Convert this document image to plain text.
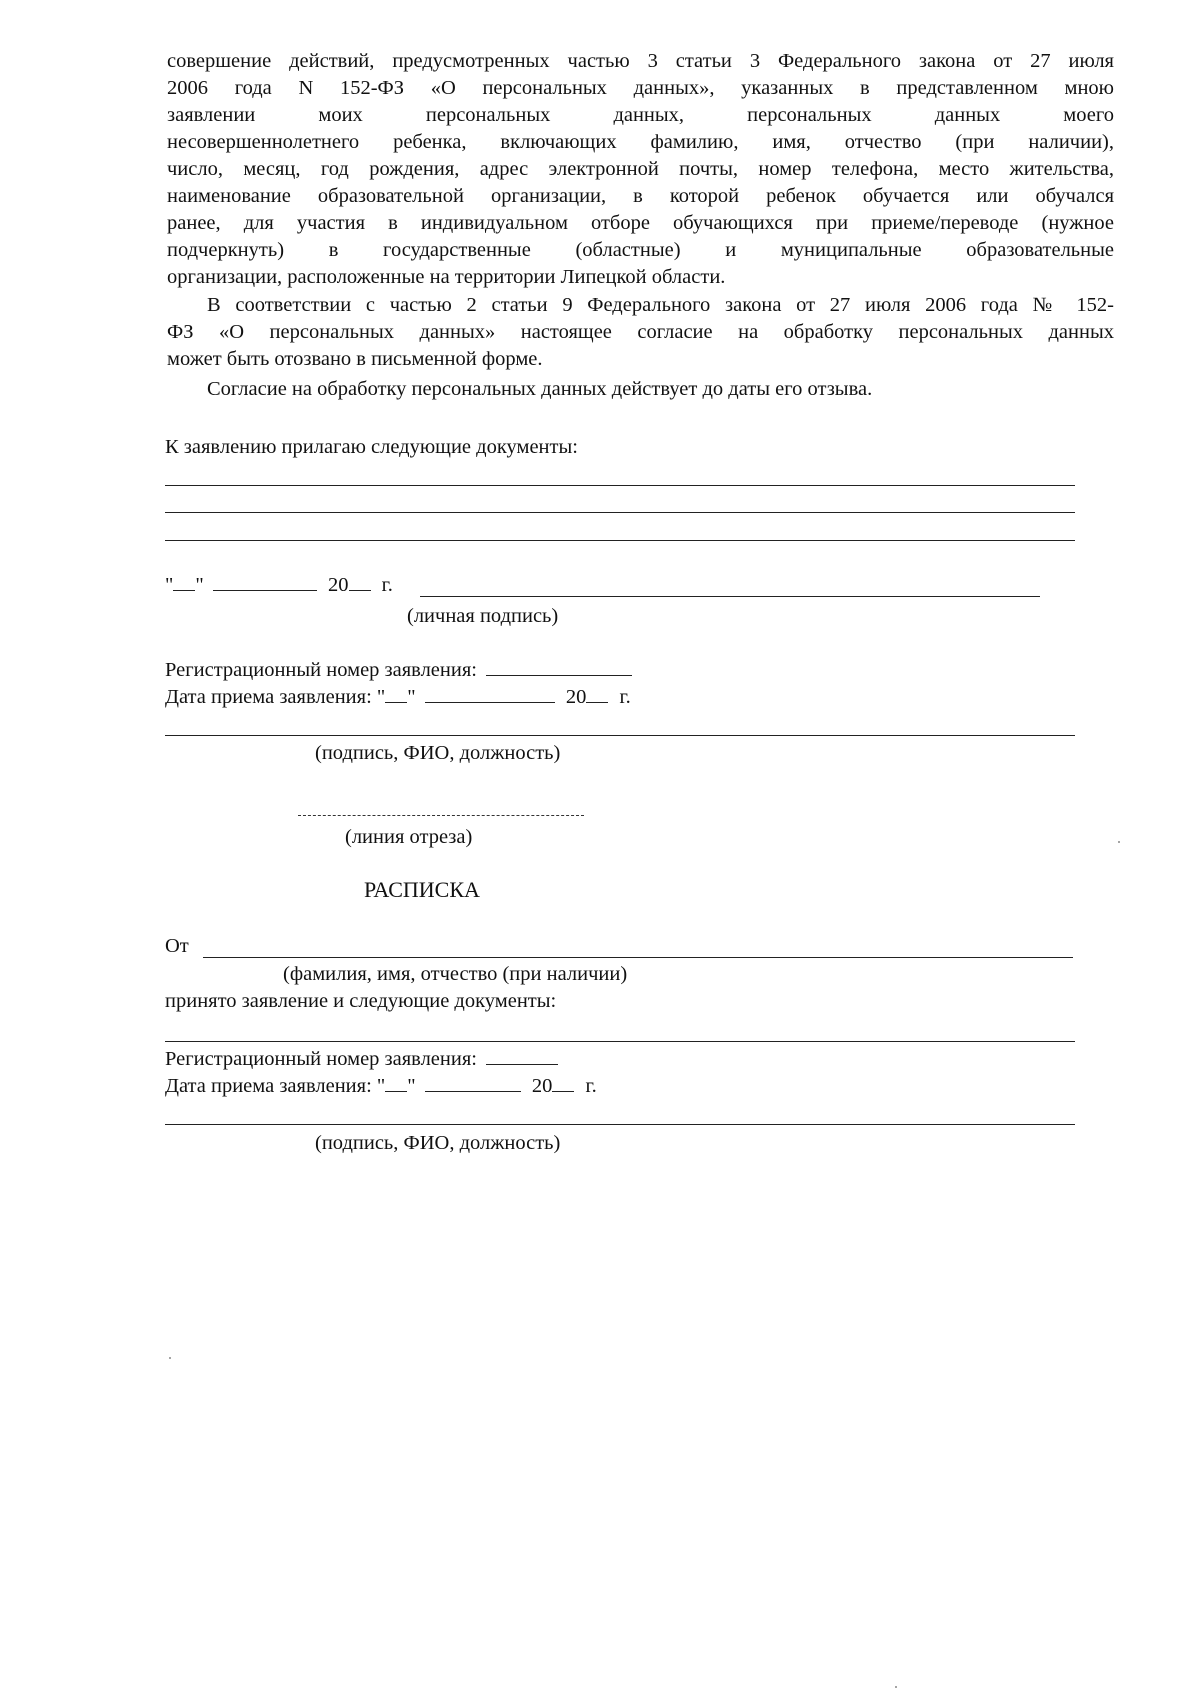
совершение действий, предусмотренных частью 3 статьи 3 Федерального закона от 27 июля
2006 года N 152-ФЗ «О персональных данных», указанных в представленном мною
заявлении моих персональных данных, персональных данных моего
несовершеннолетнего ребенка, включающих фамилию, имя, отчество (при наличии),
число, месяц, год рождения, адрес электронной почты, номер телефона, место жительства,
наименование образовательной организации, в которой ребенок обучается или обучался
ранее, для участия в индивидуальном отборе обучающихся при приеме/переводе (нужное
подчеркнуть) в государственные (областные) и муниципальные образовательные
организации, расположенные на территории Липецкой области.
В соответствии с частью 2 статьи 9 Федерального закона от 27 июля 2006 года № 152-
ФЗ «О персональных данных» настоящее согласие на обработку персональных данных
может быть отозвано в письменной форме.
Согласие на обработку персональных данных действует до даты его отзыва.
К заявлению прилагаю следующие документы:
" "	20 г.
(личная подпись)
Регистрационный номер заявления:
Дата приема заявления: " "	20 г.
(подпись, ФИО, должность)
(линия отреза)
РАСПИСКА
От
(фамилия, имя, отчество (при наличии)
принято заявление и следующие документы:
Регистрационный номер заявления:
Дата приема заявления: " "	20 г.
(подпись, ФИО, должность)
